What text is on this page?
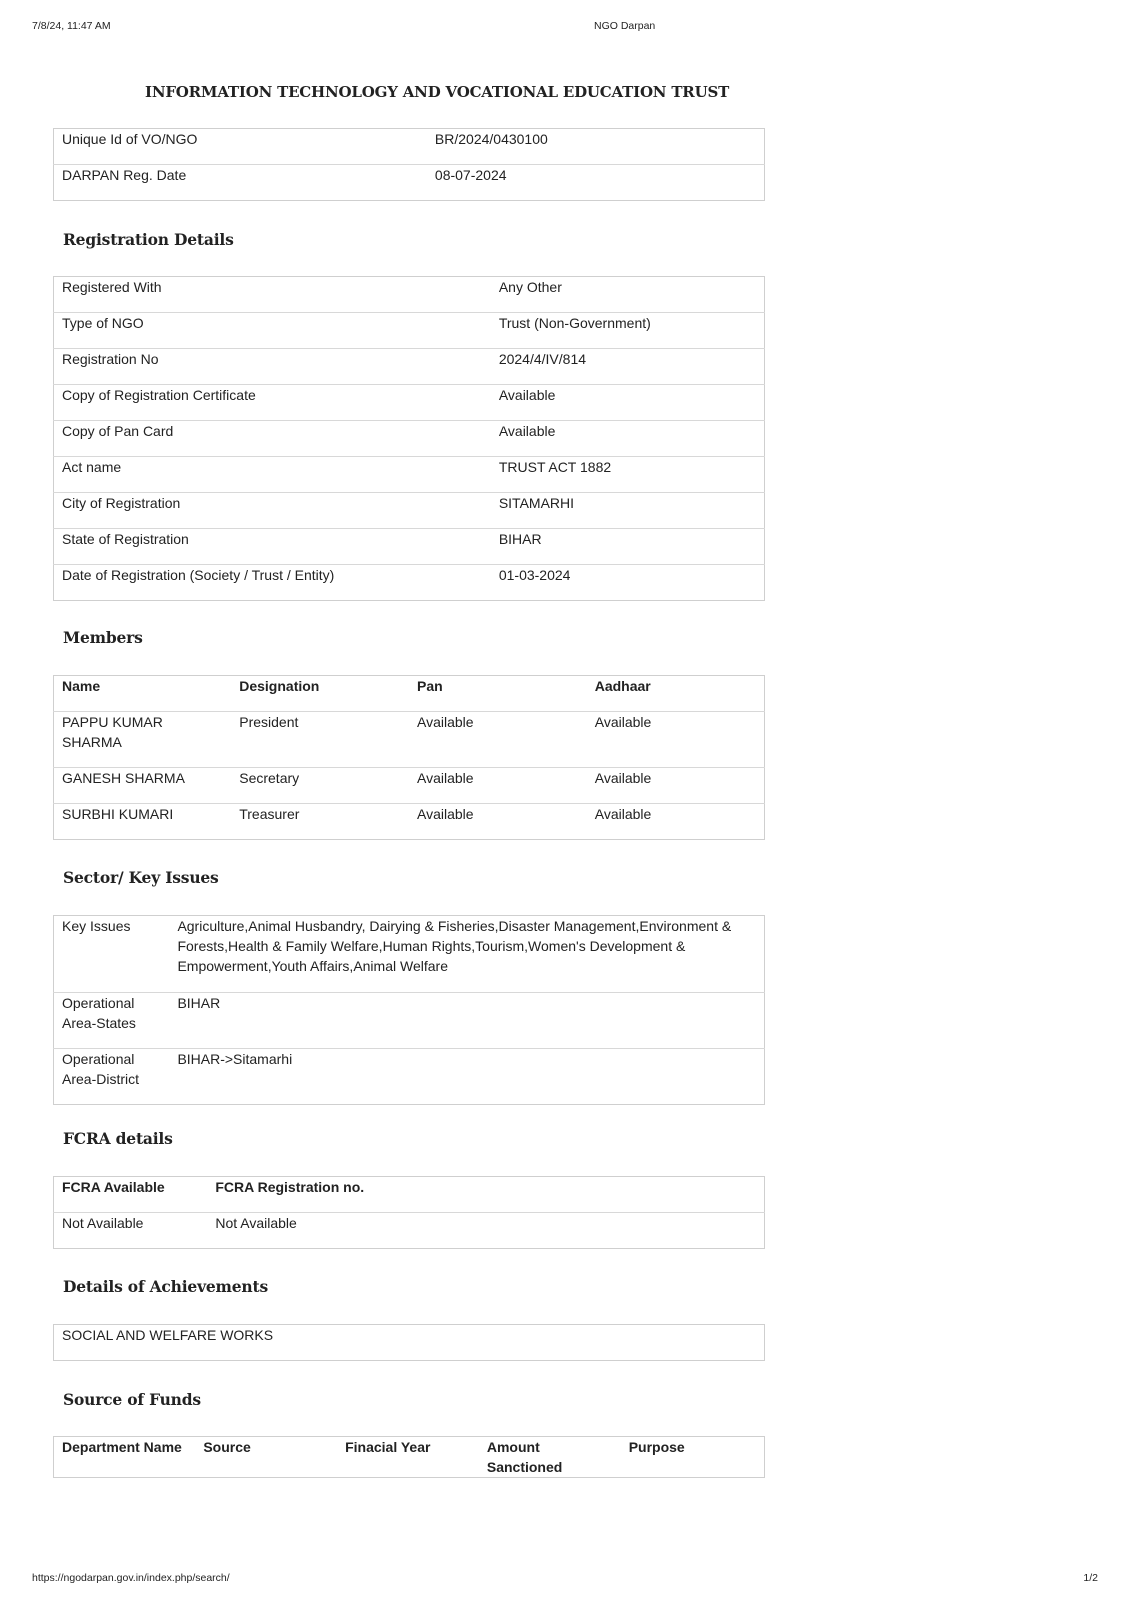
7/8/24, 11:47 AM	NGO Darpan
INFORMATION TECHNOLOGY AND VOCATIONAL EDUCATION TRUST
Unique Id of VO/NGO	BR/2024/0430100
DARPAN Reg. Date	08-07-2024
Registration Details
Registered With	Any Other
Type of NGO	Trust (Non-Government)
Registration No	2024/4/IV/814
Copy of Registration Certificate	Available
Copy of Pan Card	Available
Act name	TRUST ACT 1882
City of Registration	SITAMARHI
State of Registration	BIHAR
Date of Registration (Society / Trust / Entity)	01-03-2024
Members
Name	Designation	Pan	Aadhaar
PAPPU KUMAR SHARMA	President	Available	Available
GANESH SHARMA	Secretary	Available	Available
SURBHI KUMARI	Treasurer	Available	Available
Sector/ Key Issues
Key Issues	Agriculture,Animal Husbandry, Dairying & Fisheries,Disaster Management,Environment & Forests,Health & Family Welfare,Human Rights,Tourism,Women's Development & Empowerment,Youth Affairs,Animal Welfare
Operational Area-States	BIHAR
Operational Area-District	BIHAR->Sitamarhi
FCRA details
FCRA Available	FCRA Registration no.
Not Available	Not Available
Details of Achievements
SOCIAL AND WELFARE WORKS
Source of Funds
Department Name	Source	Finacial Year	Amount Sanctioned	Purpose
https://ngodarpan.gov.in/index.php/search/	1/2
